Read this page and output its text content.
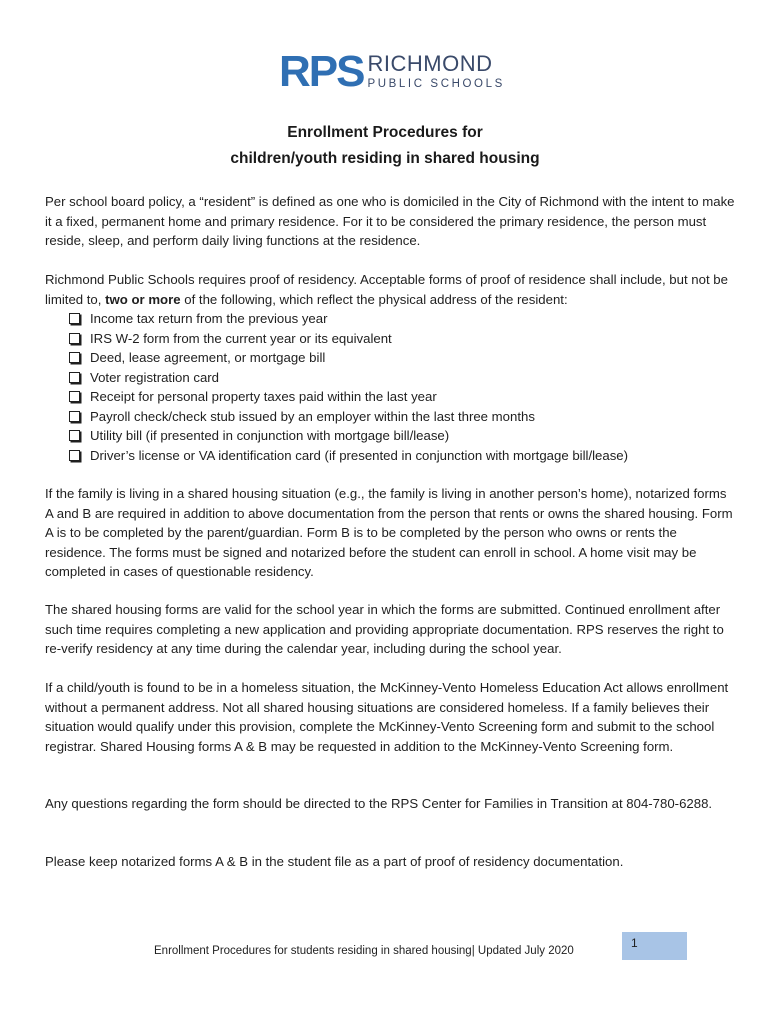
RPS RICHMOND
PUBLIC SCHOOLS
Enrollment Procedures for
children/youth residing in shared housing
Per school board policy, a “resident” is defined as one who is domiciled in the City of Richmond with the intent to make it a fixed, permanent home and primary residence. For it to be considered the primary residence, the person must reside, sleep, and perform daily living functions at the residence.
Richmond Public Schools requires proof of residency. Acceptable forms of proof of residence shall include, but not be limited to, two or more of the following, which reflect the physical address of the resident:
Income tax return from the previous year
IRS W-2 form from the current year or its equivalent
Deed, lease agreement, or mortgage bill
Voter registration card
Receipt for personal property taxes paid within the last year
Payroll check/check stub issued by an employer within the last three months
Utility bill (if presented in conjunction with mortgage bill/lease)
Driver’s license or VA identification card (if presented in conjunction with mortgage bill/lease)
If the family is living in a shared housing situation (e.g., the family is living in another person’s home), notarized forms A and B are required in addition to above documentation from the person that rents or owns the shared housing. Form A is to be completed by the parent/guardian. Form B is to be completed by the person who owns or rents the residence. The forms must be signed and notarized before the student can enroll in school. A home visit may be completed in cases of questionable residency.
The shared housing forms are valid for the school year in which the forms are submitted. Continued enrollment after such time requires completing a new application and providing appropriate documentation. RPS reserves the right to re-verify residency at any time during the calendar year, including during the school year.
If a child/youth is found to be in a homeless situation, the McKinney-Vento Homeless Education Act allows enrollment without a permanent address. Not all shared housing situations are considered homeless. If a family believes their situation would qualify under this provision, complete the McKinney-Vento Screening form and submit to the school registrar. Shared Housing forms A & B may be requested in addition to the McKinney-Vento Screening form.
Any questions regarding the form should be directed to the RPS Center for Families in Transition at 804-780-6288.
Please keep notarized forms A & B in the student file as a part of proof of residency documentation.
Enrollment Procedures for students residing in shared housing| Updated July 2020
1
